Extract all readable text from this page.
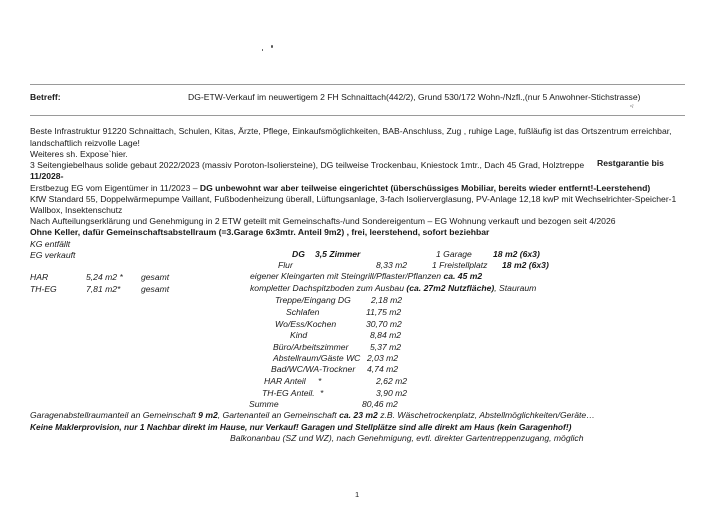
Betreff:	DG-ETW-Verkauf im neuwertigem 2 FH Schnaittach(442/2), Grund 530/172 Wohn-/Nzfl.,(nur 5 Anwohner-Stichstrasse)
‘ˁ
Beste Infrastruktur 91220 Schnaittach, Schulen, Kitas, Ärzte, Pflege, Einkaufsmöglichkeiten, BAB-Anschluss, Zug , ruhige Lage, fußläufig ist das Ortszentrum erreichbar,
landschaftlich reizvolle Lage!
Weiteres sh. Expose`hier.
3 Seitengiebelhaus solide gebaut 2022/2023 (massiv Poroton-Isoliersteine), DG teilweise Trockenbau, Kniestock 1mtr., Dach 45 Grad, Holztreppe Restgarantie bis
11/2028-
Erstbezug EG vom Eigentümer in 11/2023 – DG unbewohnt war aber teilweise eingerichtet (überschüssiges Mobiliar, bereits wieder entfernt!-Leerstehend)
KfW Standard 55, Doppelwärmepumpe Vaillant, Fußbodenheizung überall, Lüftungsanlage, 3-fach Isolierverglasung, PV-Anlage 12,18 kwP mit Wechselrichter-Speicher-1
Wallbox, Insektenschutz
Nach Aufteilungserklärung und Genehmigung in 2 ETW geteilt mit Gemeinschafts-/und Sondereigentum – EG Wohnung verkauft und bezogen seit 4/2026
Ohne Keller, dafür Gemeinschaftsabstellraum (=3.Garage 6x3mtr. Anteil 9m2) , frei, leerstehend, sofort beziehbar
KG entfällt
EG verkauft	DG 3,5 Zimmer	1 Garage 18 m2 (6x3)
Flur	8,33 m2	1 Freistellplatz 18 m2 (6x3)
HAR	5,24 m2 * gesamt
TH-EG	7,81 m2* gesamt
eigener Kleingarten mit Steingrill/Pflaster/Pflanzen ca. 45 m2
kompletter Dachspitzboden zum Ausbau (ca. 27m2 Nutzfläche), Stauraum
Treppe/Eingang DG 2,18 m2
Schlafen	11,75 m2
Wo/Ess/Kochen	30,70 m2
Kind	8,84 m2
Büro/Arbeitszimmer	5,37 m2
Abstellraum/Gäste WC 2,03 m2
Bad/WC/WA-Trockner 4,74 m2
HAR Anteil *	2,62 m2
TH-EG Anteil. *	3,90 m2
Summe	80,46 m2
Garagenabstellraumanteil an Gemeinschaft 9 m2, Gartenanteil an Gemeinschaft ca. 23 m2 z.B. Wäschetrockenplatz, Abstellmöglichkeiten/Geräte…
Keine Maklerprovision, nur 1 Nachbar direkt im Hause, nur Verkauf! Garagen und Stellplätze sind alle direkt am Haus (kein Garagenhof!)
Balkonanbau (SZ und WZ), nach Genehmigung, evtl. direkter Gartentreppenzugang, möglich
1
